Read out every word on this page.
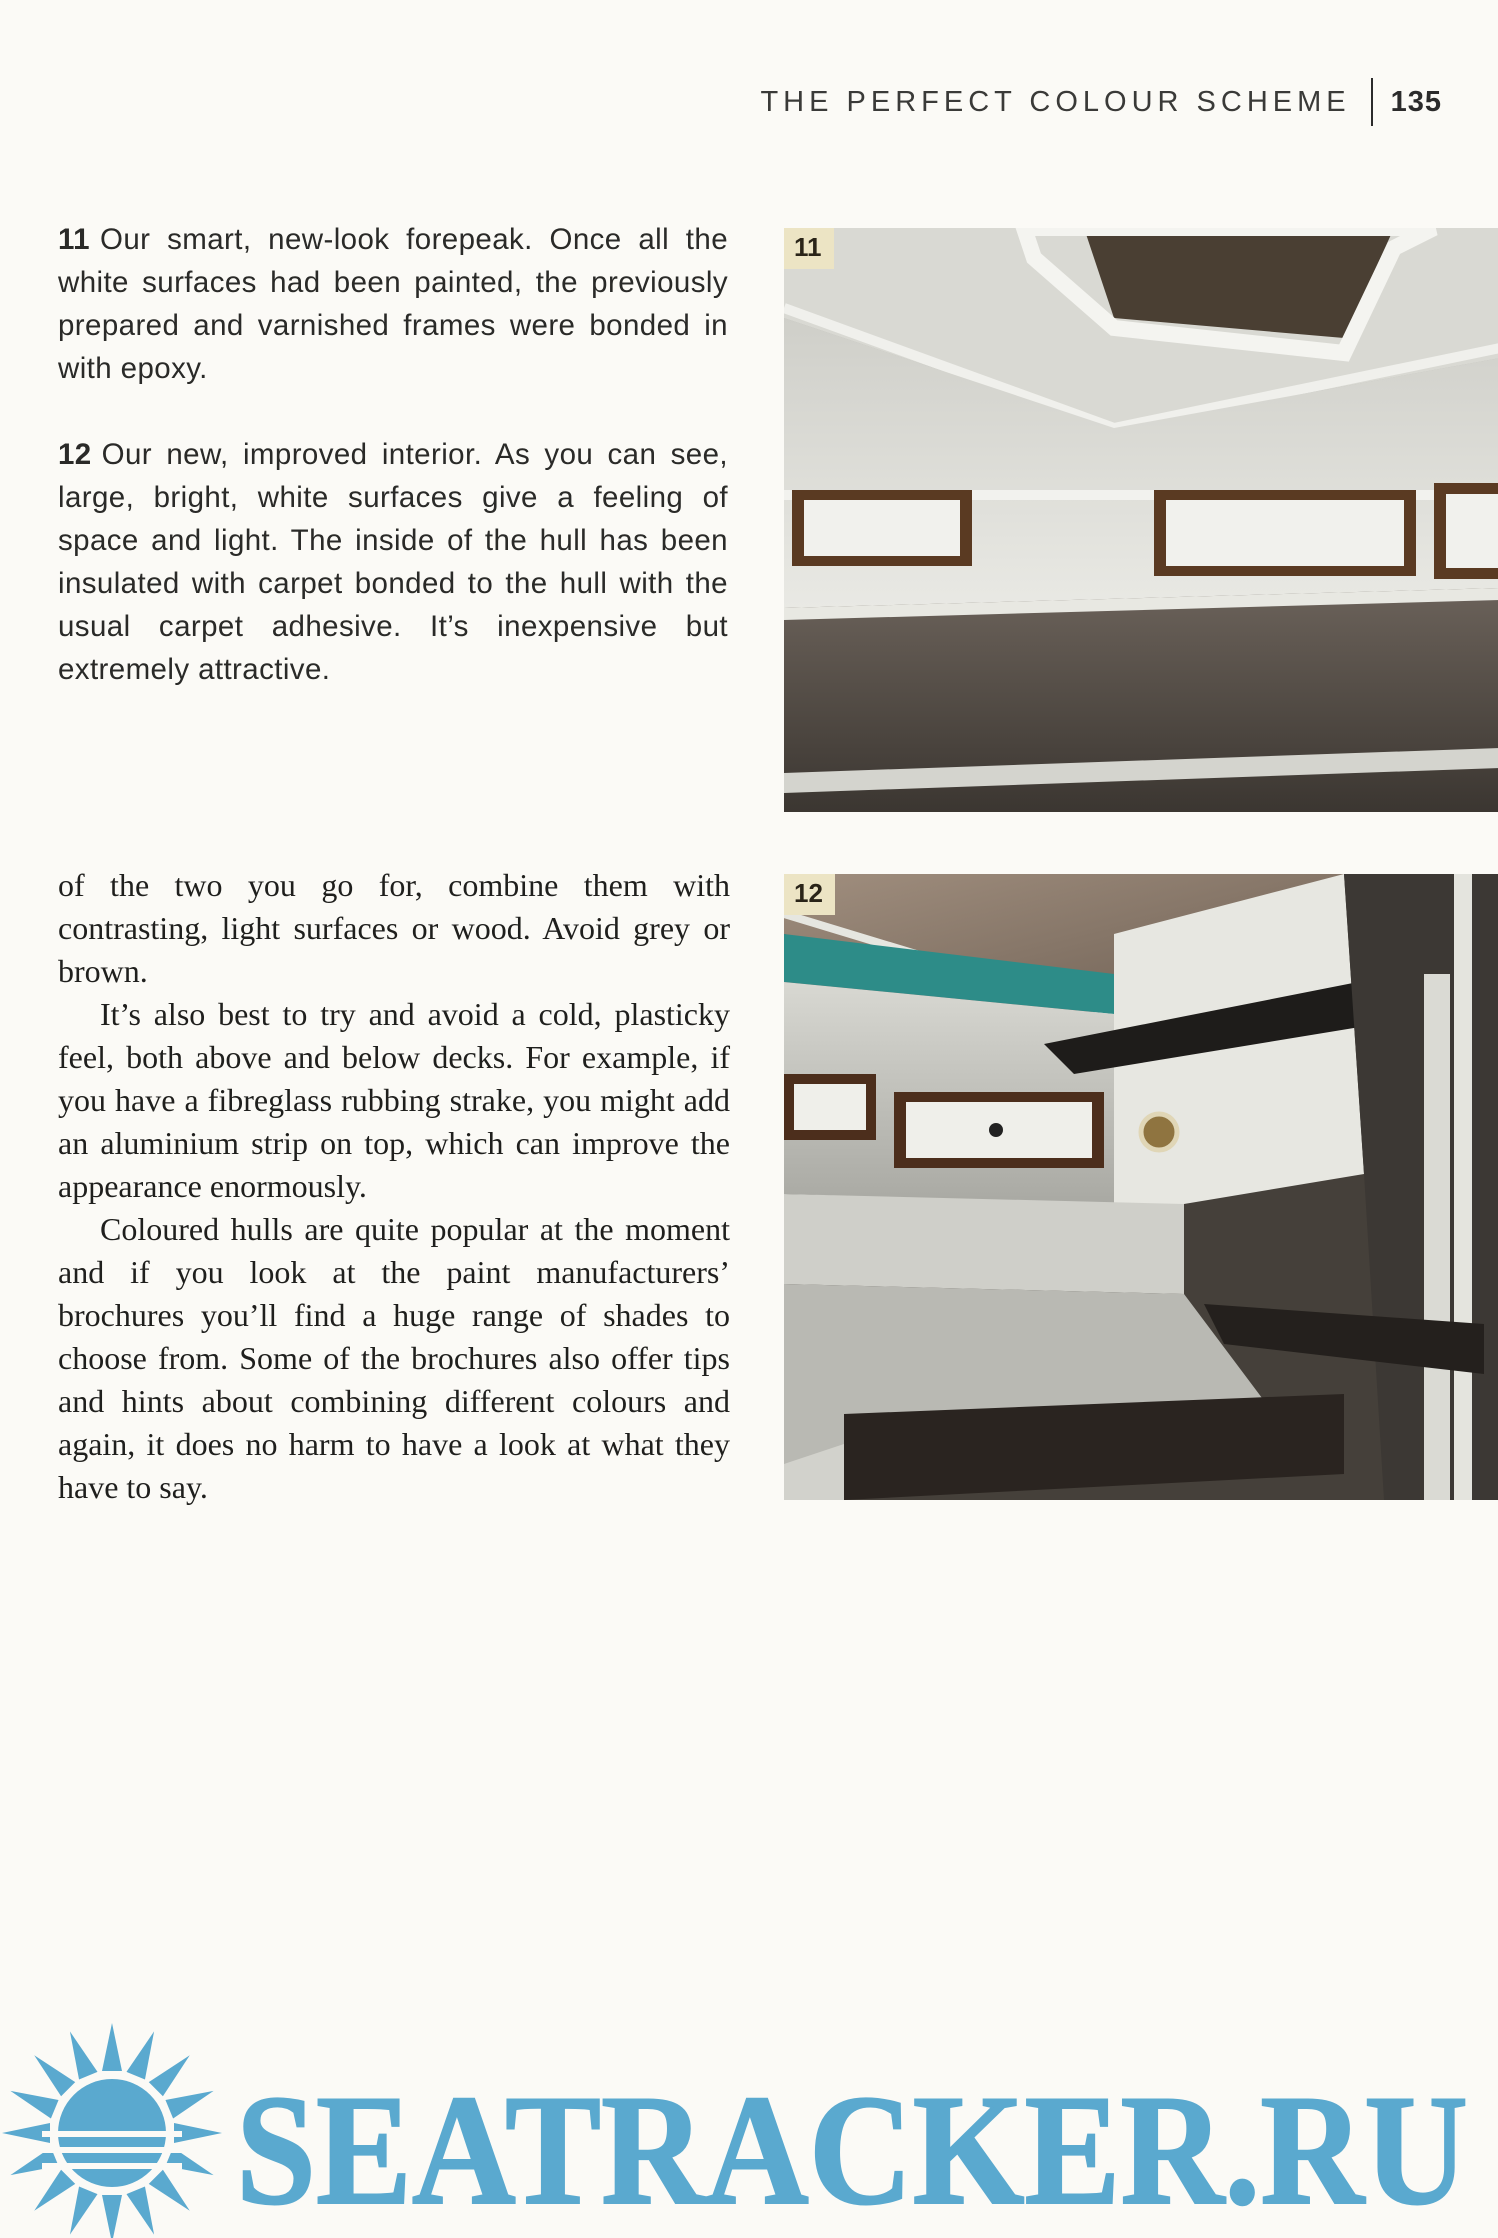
THE PERFECT COLOUR SCHEME 135
11 Our smart, new-look forepeak. Once all the white surfaces had been painted, the previously prepared and varnished frames were bonded in with epoxy.
12 Our new, improved interior. As you can see, large, bright, white surfaces give a feeling of space and light. The inside of the hull has been insulated with carpet bonded to the hull with the usual carpet adhesive. It’s inexpensive but extremely attractive.

of the two you go for, combine them with contrasting, light surfaces or wood. Avoid grey or brown.

It’s also best to try and avoid a cold, plasticky feel, both above and below decks. For example, if you have a fibreglass rubbing strake, you might add an aluminium strip on top, which can improve the appearance enormously.

Coloured hulls are quite popular at the moment and if you look at the paint manufacturers’ brochures you’ll find a huge range of shades to choose from. Some of the brochures also offer tips and hints about combining different colours and again, it does no harm to have a look at what they have to say.

11
12
SEATRACKER.RU
